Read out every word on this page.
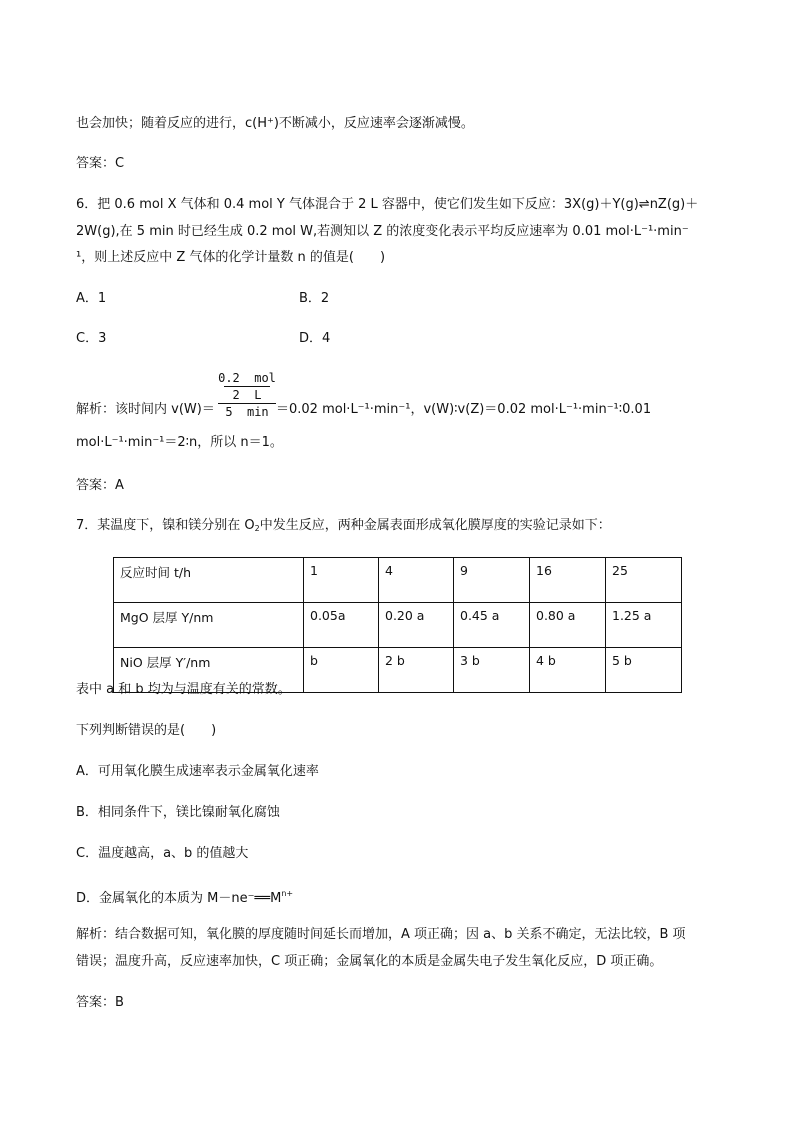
也会加快；随着反应的进行，c(H⁺)不断减小，反应速率会逐渐减慢。
答案：C
6．把 0.6 mol X 气体和 0.4 mol Y 气体混合于 2 L 容器中，使它们发生如下反应：3X(g)＋Y(g)⇌nZ(g)＋
2W(g),在 5 min 时已经生成 0.2 mol W,若测知以 Z 的浓度变化表示平均反应速率为 0.01 mol·L⁻¹·min⁻
¹，则上述反应中 Z 气体的化学计量数 n 的值是(　　)
A．1	B．2
C．3	D．4
解析：该时间内 v(W)＝
0.2  mol
2  L
5  min ＝0.02 mol·L⁻¹·min⁻¹，v(W)∶v(Z)＝0.02 mol·L⁻¹·min⁻¹∶0.01
mol·L⁻¹·min⁻¹＝2∶n，所以 n＝1。
答案：A
7．某温度下，镍和镁分别在 $O_2$中发生反应，两种金属表面形成氧化膜厚度的实验记录如下：
反应时间 t/h	1	4	9	16	25
MgO 层厚 Y/nm	0.05a	0.20 a	0.45 a	0.80 a	1.25 a
NiO 层厚 Y′/nm	b	2 b	3 b	4 b	5 b
表中 a 和 b 均为与温度有关的常数。
下列判断错误的是(　　)
A．可用氧化膜生成速率表示金属氧化速率
B．相同条件下，镁比镍耐氧化腐蚀
C．温度越高，a、b 的值越大
D．金属氧化的本质为 $M-ne^-══M^{n+}$
解析：结合数据可知，氧化膜的厚度随时间延长而增加，A 项正确；因 a、b 关系不确定，无法比较，B 项
错误；温度升高，反应速率加快，C 项正确；金属氧化的本质是金属失电子发生氧化反应，D 项正确。
答案：B
